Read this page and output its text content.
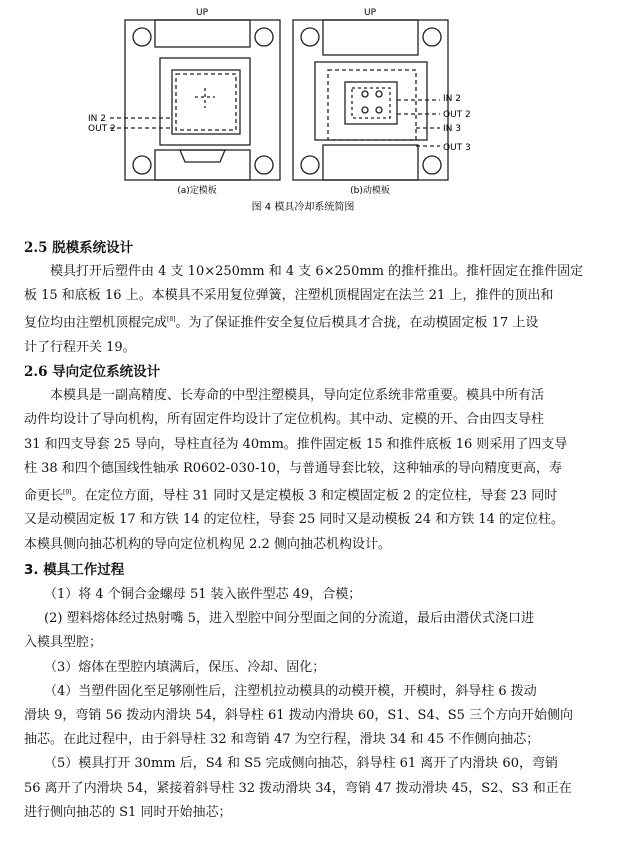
UP	UP
IN 2
OUT 2
IN 2
OUT 2
IN 3
OUT 3
(a)定模板	(b)动模板
图 4 模具冷却系统简图

2.5 脱模系统设计

模具打开后塑件由 4 支 10×250mm 和 4 支 6×250mm 的推杆推出。推杆固定在推件固定

板 15 和底板 16 上。本模具不采用复位弹簧，注塑机顶棍固定在法兰 21 上，推件的顶出和

复位均由注塑机顶棍完成[8]。为了保证推件安全复位后模具才合拢，在动模固定板 17 上设

计了行程开关 19。

2.6 导向定位系统设计

本模具是一副高精度、长寿命的中型注塑模具，导向定位系统非常重要。模具中所有活

动件均设计了导向机构，所有固定件均设计了定位机构。其中动、定模的开、合由四支导柱

31 和四支导套 25 导向，导柱直径为 40mm。推件固定板 15 和推件底板 16 则采用了四支导

柱 38 和四个德国线性轴承 R0602-030-10，与普通导套比较，这种轴承的导向精度更高，寿

命更长[9]。在定位方面，导柱 31 同时又是定模板 3 和定模固定板 2 的定位柱，导套 23 同时

又是动模固定板 17 和方铁 14 的定位柱，导套 25 同时又是动模板 24 和方铁 14 的定位柱。

本模具侧向抽芯机构的导向定位机构见 2.2 侧向抽芯机构设计。

3. 模具工作过程

（1）将 4 个铜合金螺母 51 装入嵌件型芯 49，合模；

(2) 塑料熔体经过热射嘴 5，进入型腔中间分型面之间的分流道，最后由潜伏式浇口进

入模具型腔；

（3）熔体在型腔内填满后，保压、冷却、固化；

（4）当塑件固化至足够刚性后，注塑机拉动模具的动模开模，开模时，斜导柱 6 拨动

滑块 9，弯销 56 拨动内滑块 54，斜导柱 61 拨动内滑块 60，S1、S4、S5 三个方向开始侧向

抽芯。在此过程中，由于斜导柱 32 和弯销 47 为空行程，滑块 34 和 45 不作侧向抽芯；

（5）模具打开 30mm 后，S4 和 S5 完成侧向抽芯，斜导柱 61 离开了内滑块 60，弯销

56 离开了内滑块 54，紧接着斜导柱 32 拨动滑块 34，弯销 47 拨动滑块 45，S2、S3 和正在

进行侧向抽芯的 S1 同时开始抽芯；
